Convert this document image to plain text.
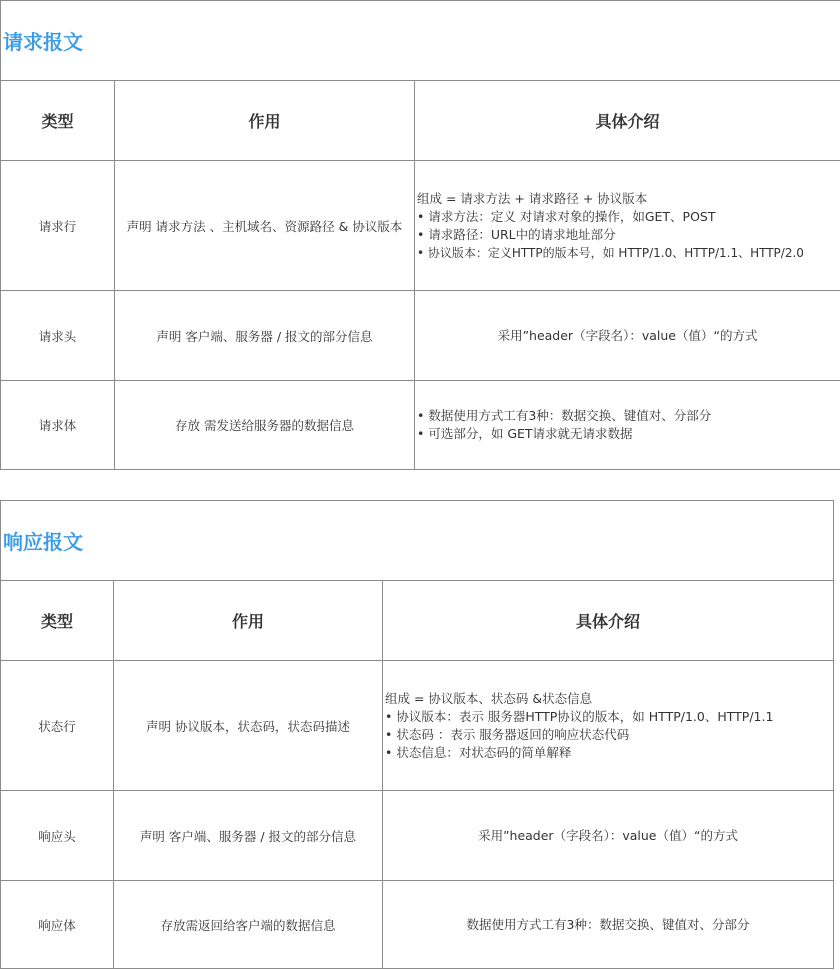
请求报文		
类型	作用	具体介绍
请求行	声明 请求方法 、主机域名、资源路径 & 协议版本	组成 = 请求方法 + 请求路径 + 协议版本
• 请求方法：定义 对请求对象的操作，如GET、POST
• 请求路径：URL中的请求地址部分
• 协议版本：定义HTTP的版本号，如 HTTP/1.0、HTTP/1.1、HTTP/2.0

请求头	声明 客户端、服务器 / 报文的部分信息	采用”header（字段名）：value（值）“的方式

请求体	存放 需发送给服务器的数据信息	• 数据使用方式工有3种：数据交换、键值对、分部分
• 可选部分，如 GET请求就无请求数据
响应报文		
类型	作用	具体介绍
状态行	声明 协议版本，状态码，状态码描述	组成 = 协议版本、状态码 &状态信息
• 协议版本：表示 服务器HTTP协议的版本，如 HTTP/1.0、HTTP/1.1
• 状态码 ：表示 服务器返回的响应状态代码
• 状态信息：对状态码的简单解释

响应头	声明 客户端、服务器 / 报文的部分信息	采用”header（字段名）：value（值）“的方式

响应体	存放需返回给客户端的数据信息	数据使用方式工有3种：数据交换、键值对、分部分
